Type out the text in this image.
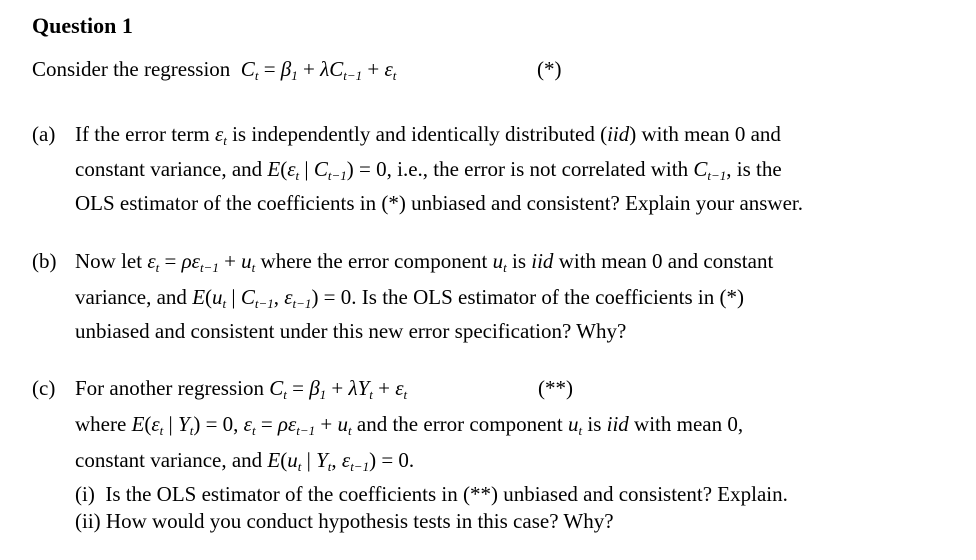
Question 1
Consider the regression $C_t = \beta_1 + \lambda C_{t-1} + \varepsilon_t$	(*)
(a) If the error term $\varepsilon_t$ is independently and identically distributed (iid) with mean 0 and
constant variance, and $E(\varepsilon_t$ | $C_{t-1}) = 0$, i.e., the error is not correlated with $C_{t-1}$, is the
OLS estimator of the coefficients in (*) unbiased and consistent? Explain your answer.
(b) Now let $\varepsilon_t = \rho\varepsilon_{t-1} + u_t$ where the error component $u_t$ is iid with mean 0 and constant
variance, and $E(u_t$ | $C_{t-1}$, $\varepsilon_{t-1}) = 0$. Is the OLS estimator of the coefficients in (*)
unbiased and consistent under this new error specification? Why?
(c) For another regression $C_t = \beta_1 + \lambda Y_t + \varepsilon_t$	(**)
where $E(\varepsilon_t$ | $Y_t) = 0$, $\varepsilon_t = \rho\varepsilon_{t-1} + u_t$ and the error component $u_t$ is iid with mean 0,
constant variance, and $E(u_t$ | $Y_t$, $\varepsilon_{t-1}) = 0$.
(i) Is the OLS estimator of the coefficients in (**) unbiased and consistent? Explain.
(ii) How would you conduct hypothesis tests in this case? Why?
